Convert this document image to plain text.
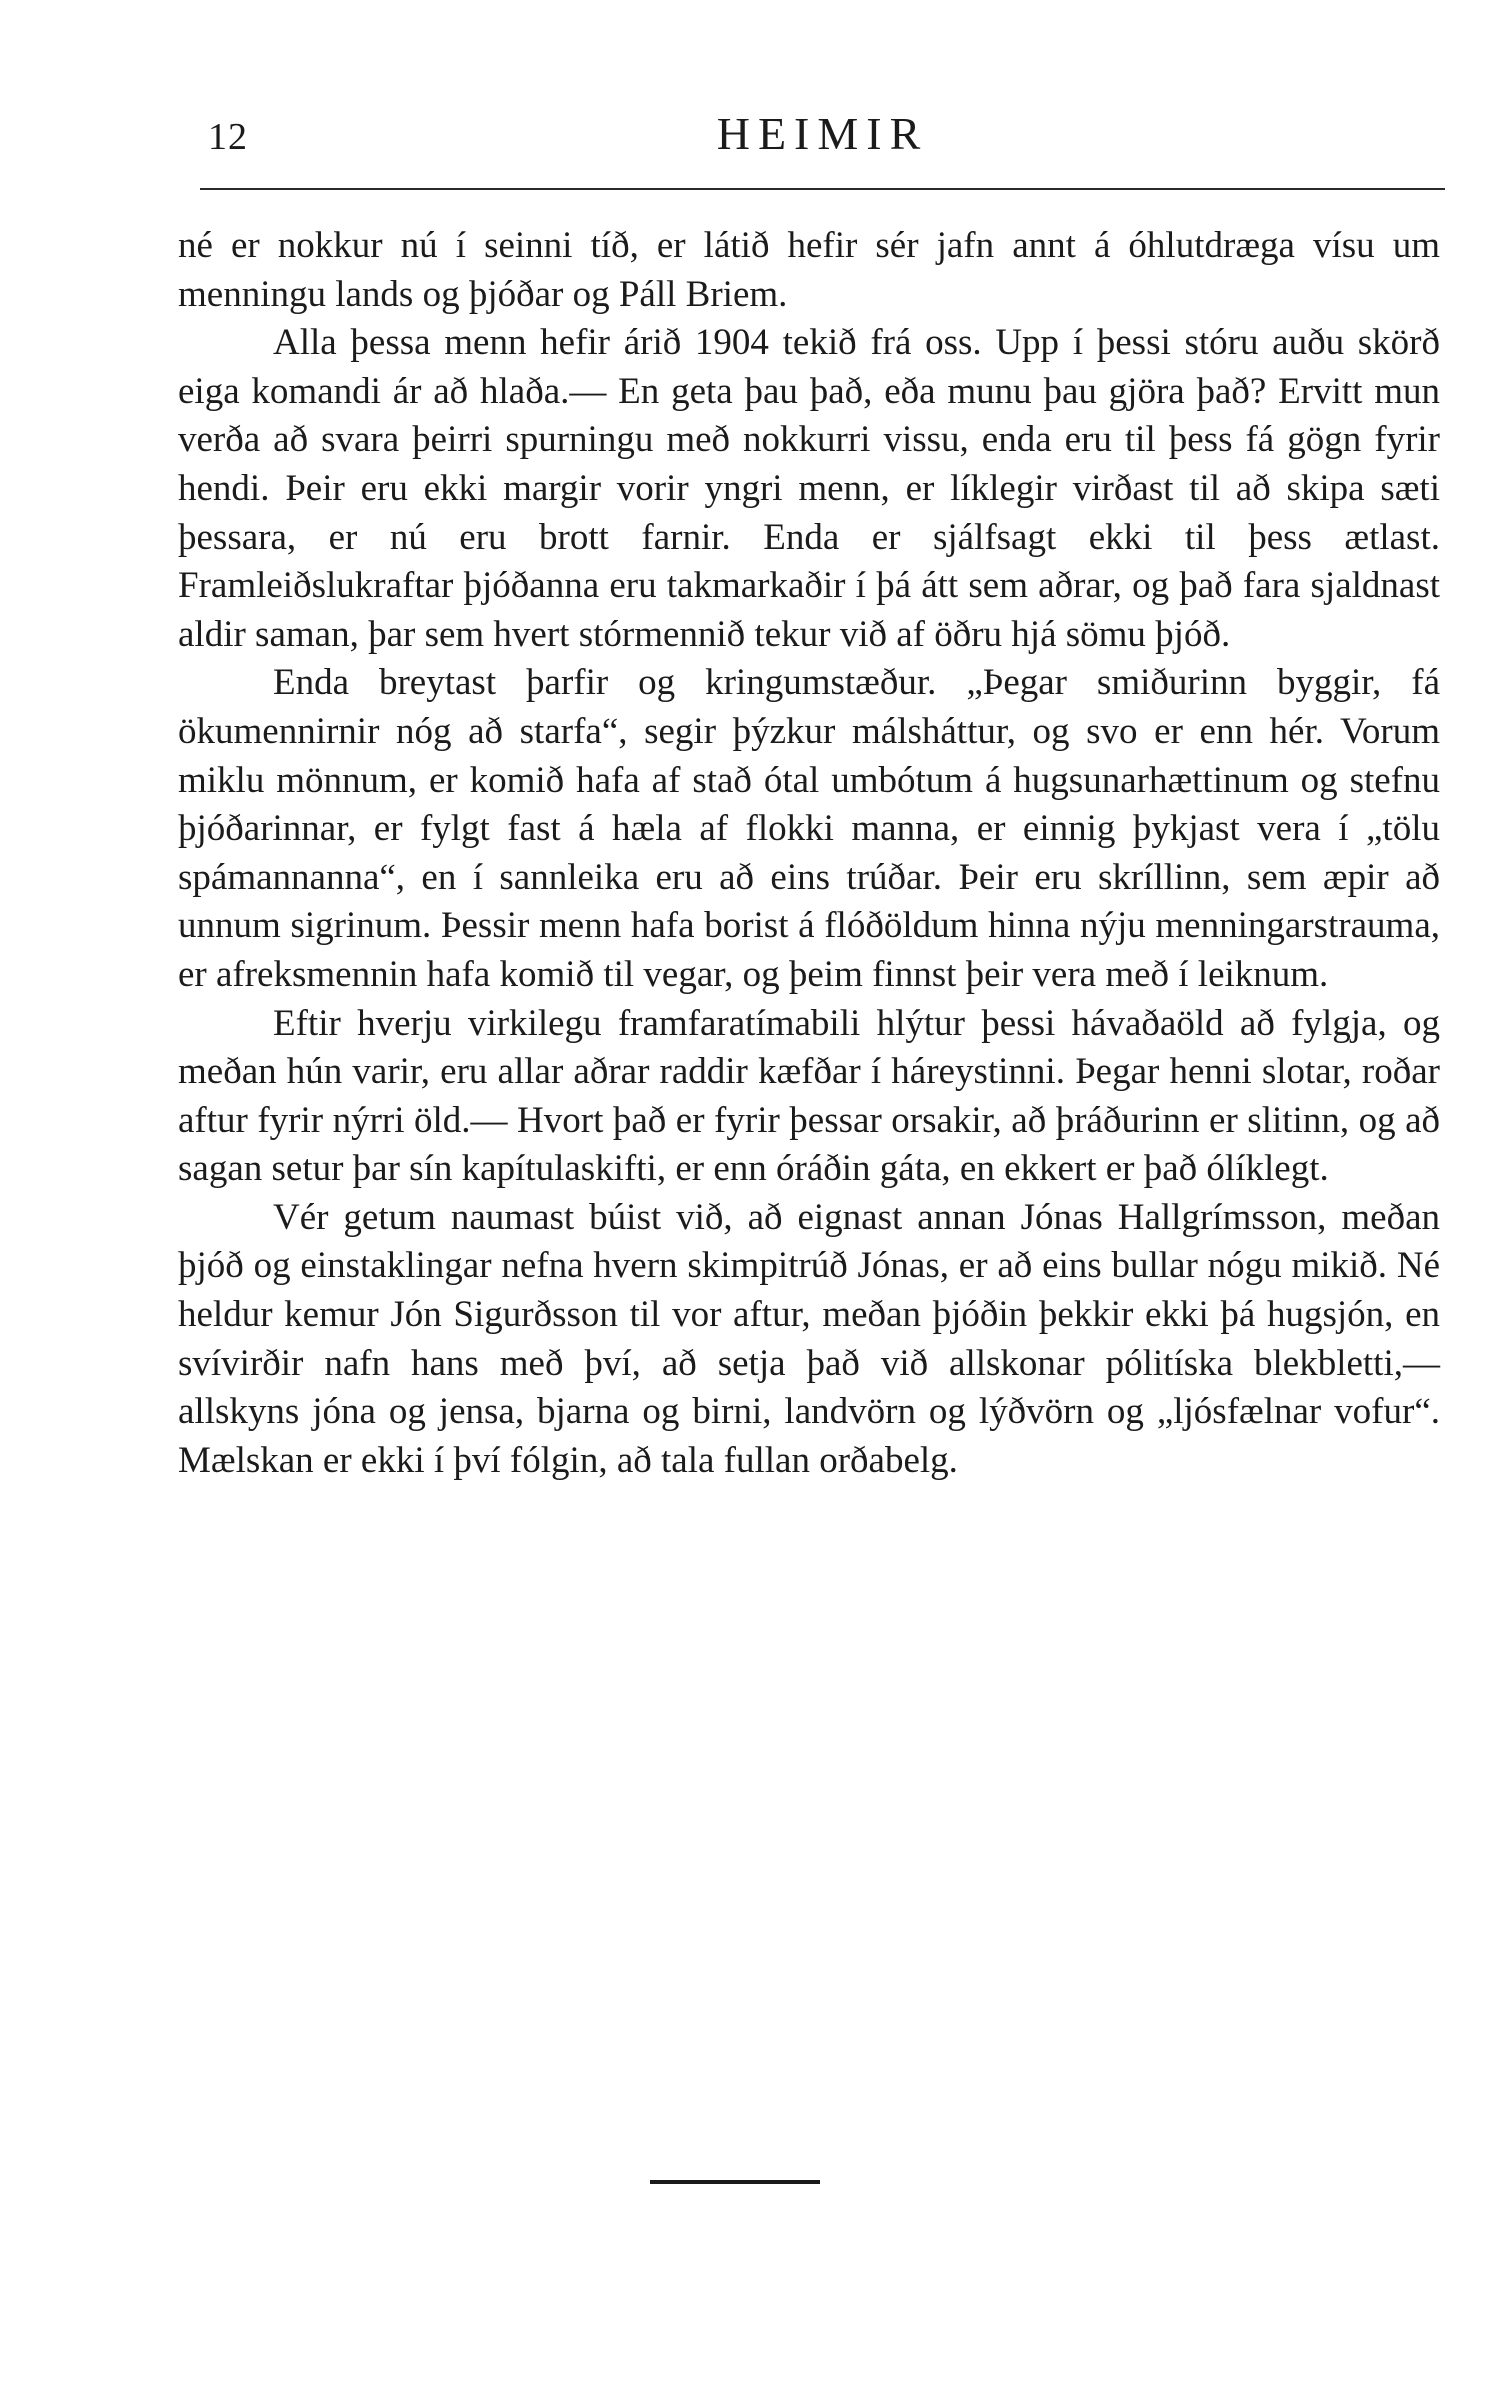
12	HEIMIR

né er nokkur nú í seinni tíð, er látið hefir sér jafn annt á óhlutdræga vísu um menningu lands og þjóðar og Páll Briem.

Alla þessa menn hefir árið 1904 tekið frá oss. Upp í þessi stóru auðu skörð eiga komandi ár að hlaða.— En geta þau það, eða munu þau gjöra það? Ervitt mun verða að svara þeirri spurningu með nokkurri vissu, enda eru til þess fá gögn fyrir hendi. Þeir eru ekki margir vorir yngri menn, er líklegir virðast til að skipa sæti þessara, er nú eru brott farnir. Enda er sjálfsagt ekki til þess ætlast. Framleiðslukraftar þjóðanna eru takmarkaðir í þá átt sem aðrar, og það fara sjaldnast aldir saman, þar sem hvert stórmennið tekur við af öðru hjá sömu þjóð.

Enda breytast þarfir og kringumstæður. „Þegar smiðurinn byggir, fá ökumennirnir nóg að starfa“, segir þýzkur málsháttur, og svo er enn hér. Vorum miklu mönnum, er komið hafa af stað ótal umbótum á hugsunarhættinum og stefnu þjóðarinnar, er fylgt fast á hæla af flokki manna, er einnig þykjast vera í „tölu spámannanna“, en í sannleika eru að eins trúðar. Þeir eru skríllinn, sem æpir að unnum sigrinum. Þessir menn hafa borist á flóðöldum hinna nýju menningarstrauma, er afreksmennin hafa komið til vegar, og þeim finnst þeir vera með í leiknum.

Eftir hverju virkilegu framfaratímabili hlýtur þessi hávaðaöld að fylgja, og meðan hún varir, eru allar aðrar raddir kæfðar í háreystinni. Þegar henni slotar, roðar aftur fyrir nýrri öld.— Hvort það er fyrir þessar orsakir, að þráðurinn er slitinn, og að sagan setur þar sín kapítulaskifti, er enn óráðin gáta, en ekkert er það ólíklegt.

Vér getum naumast búist við, að eignast annan Jónas Hallgrímsson, meðan þjóð og einstaklingar nefna hvern skimpitrúð Jónas, er að eins bullar nógu mikið. Né heldur kemur Jón Sigurðsson til vor aftur, meðan þjóðin þekkir ekki þá hugsjón, en svívirðir nafn hans með því, að setja það við allskonar pólitíska blekbletti,— allskyns jóna og jensa, bjarna og birni, landvörn og lýðvörn og „ljósfælnar vofur“. Mælskan er ekki í því fólgin, að tala fullan orðabelg.
